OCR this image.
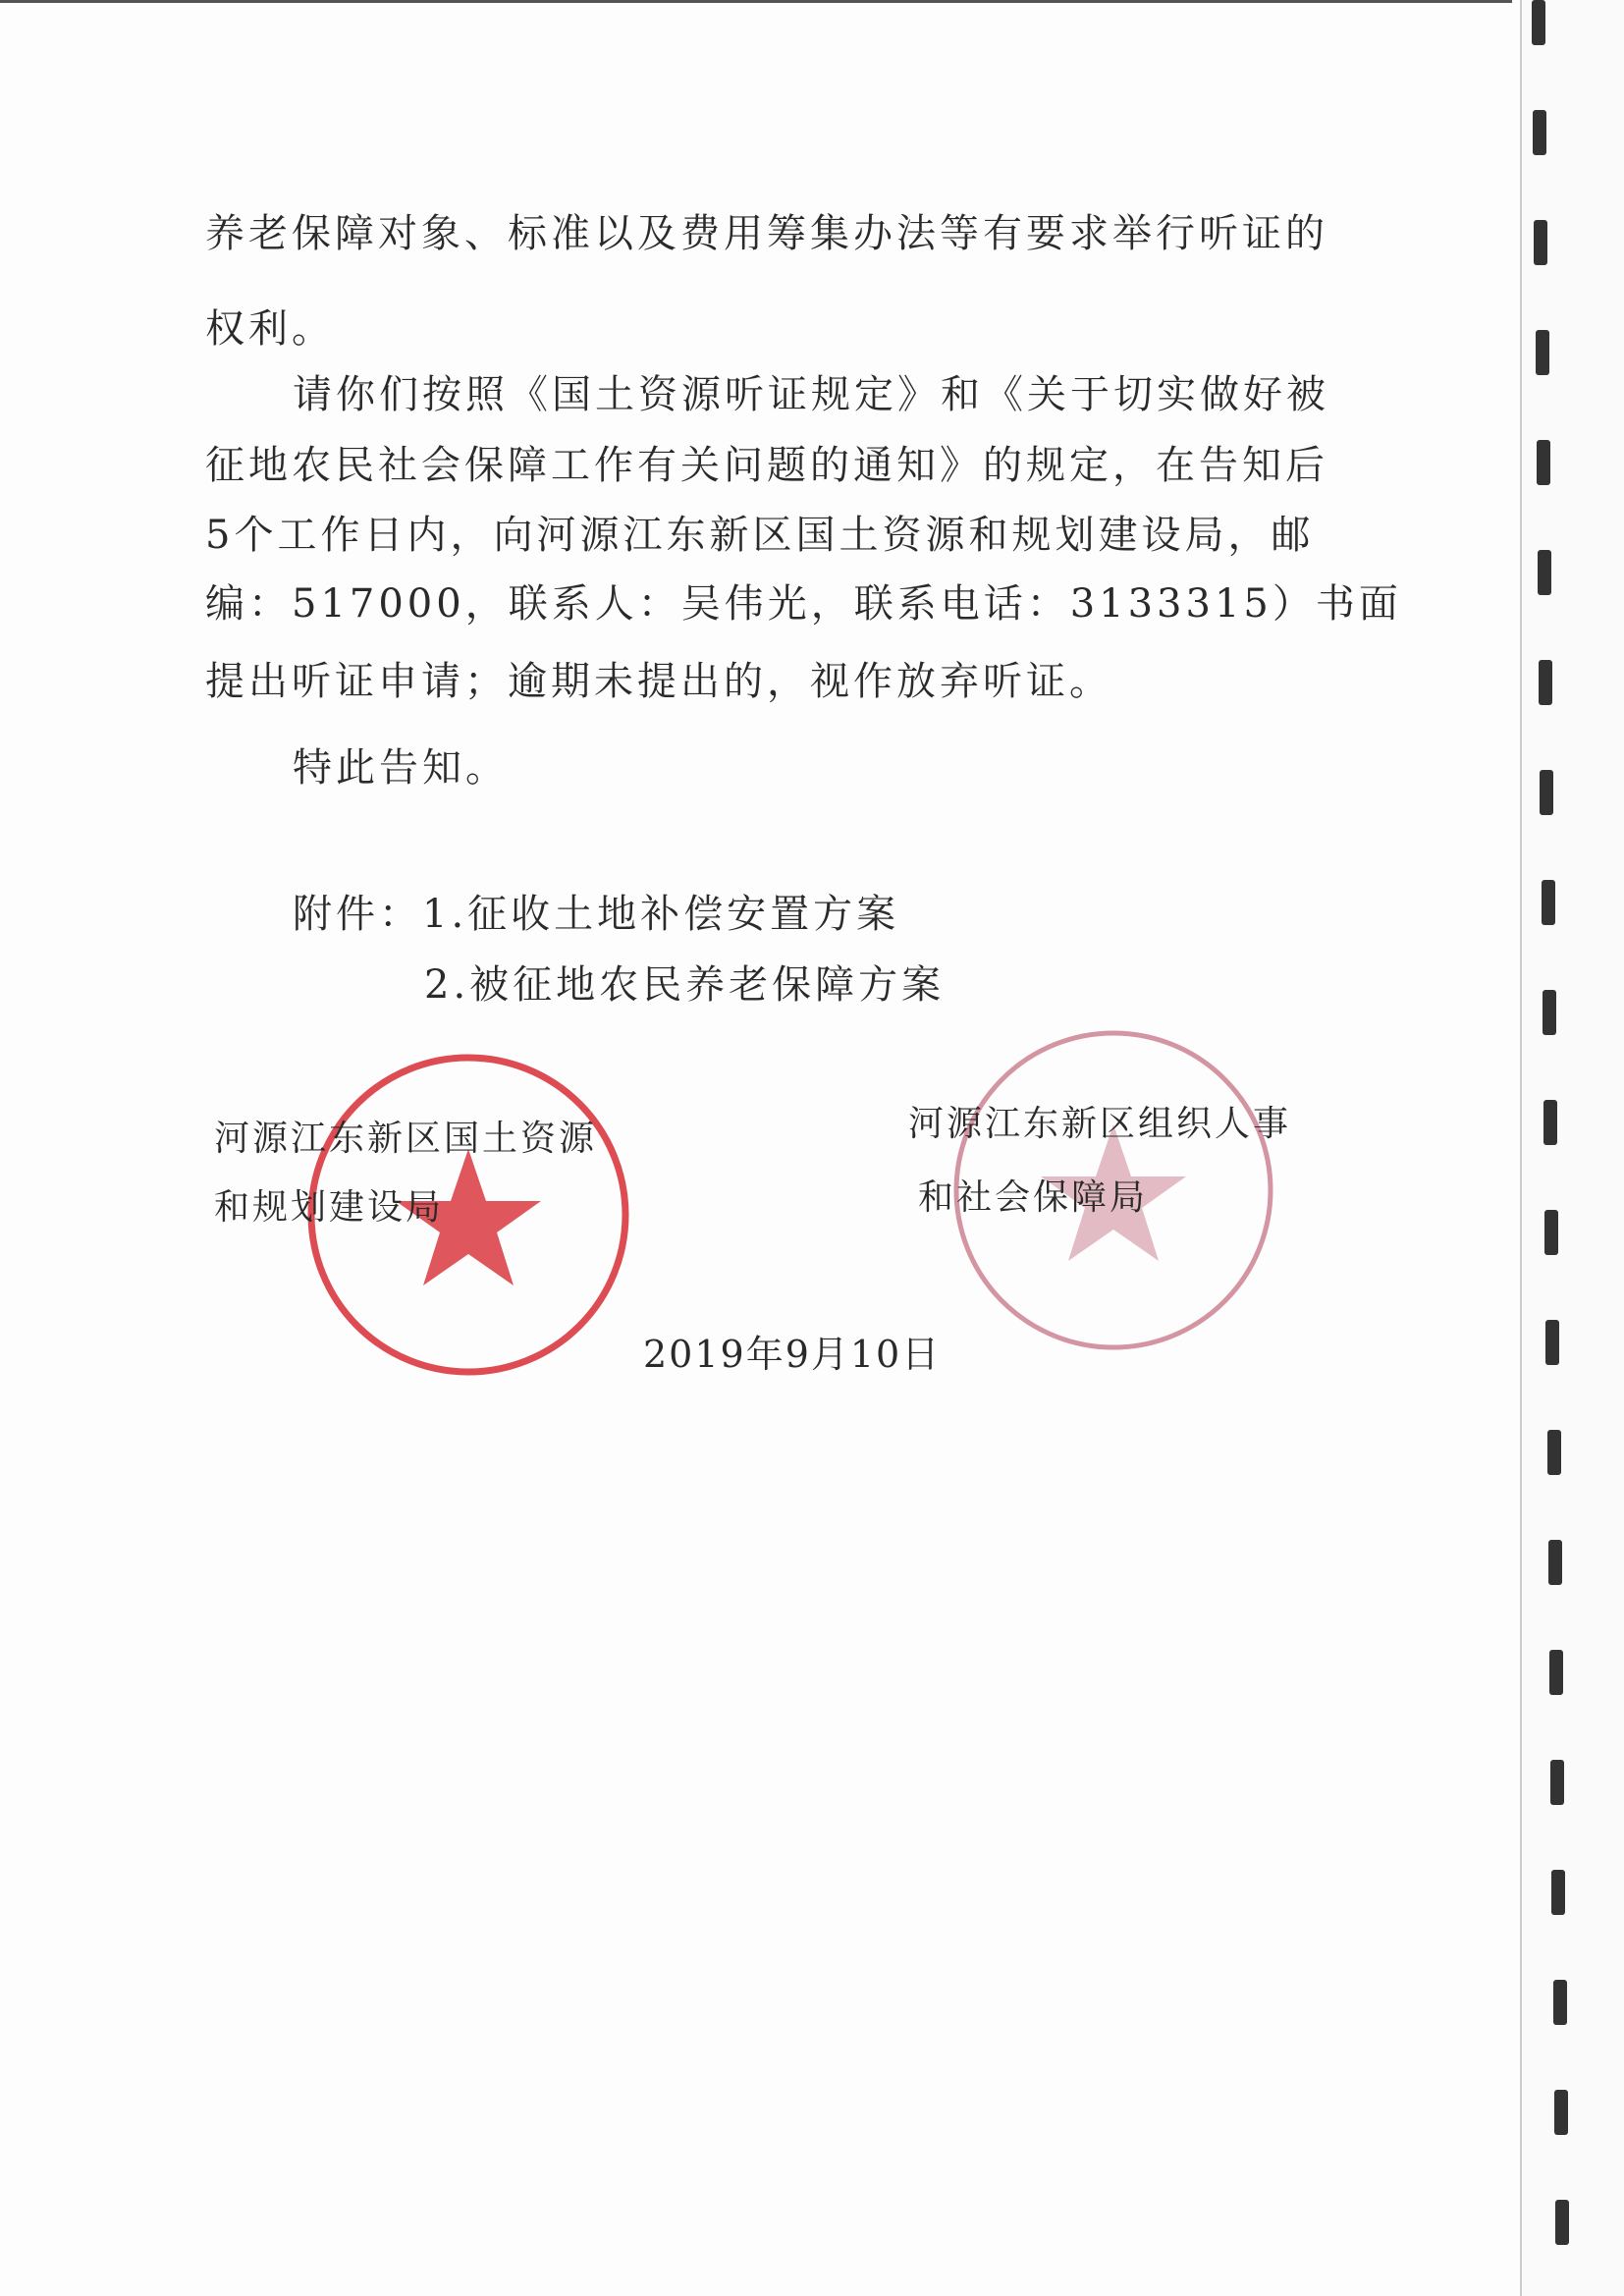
养老保障对象、标准以及费用筹集办法等有要求举行听证的
权利。
请你们按照《国土资源听证规定》和《关于切实做好被
征地农民社会保障工作有关问题的通知》的规定，在告知后
5个工作日内，向河源江东新区国土资源和规划建设局，邮
编：517000，联系人：吴伟光，联系电话：3133315）书面
提出听证申请；逾期未提出的，视作放弃听证。
特此告知。
附件：1.征收土地补偿安置方案
2.被征地农民养老保障方案
河源江东新区国土资源
和规划建设局
河源江东新区组织人事
和社会保障局
2019年9月10日
